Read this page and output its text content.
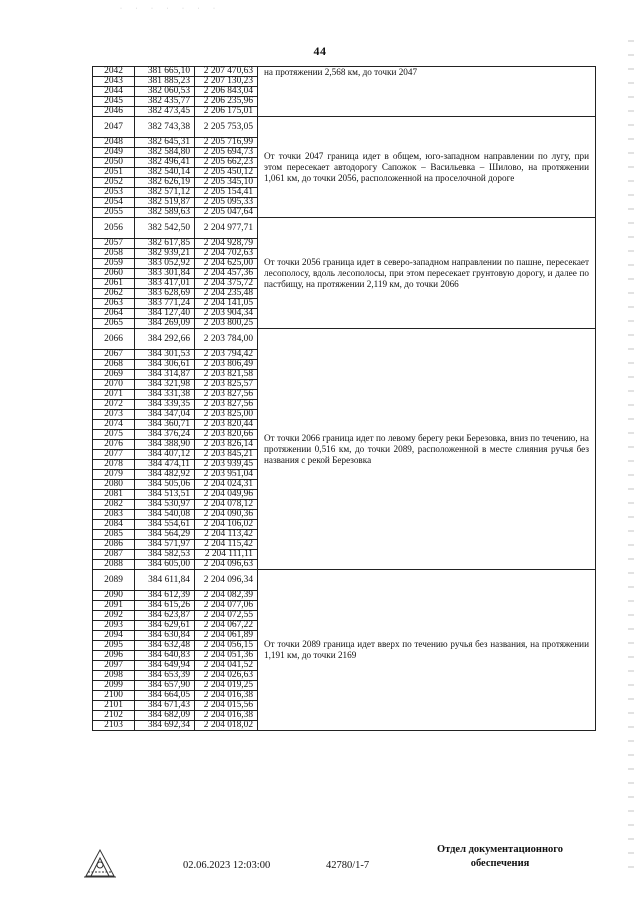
· · · · · · ·
44
2042	381 665,10	2 207 470,63	на протяжении 2,568 км, до точки 2047
2043	381 885,23	2 207 130,23	
2044	382 060,53	2 206 843,04	
2045	382 435,77	2 206 235,96	
2046	382 473,45	2 206 175,01	
2047	382 743,38	2 205 753,05	От точки 2047 граница идет в общем, юго-западном направлении по лугу, при этом пересекает автодорогу Сапожок – Васильевка – Шилово, на протяжении 1,061 км, до точки 2056, расположенной на проселочной дороге
2048	382 645,31	2 205 716,99	
2049	382 584,80	2 205 694,73	
2050	382 496,41	2 205 662,23	
2051	382 540,14	2 205 450,12	
2052	382 626,19	2 205 345,10	
2053	382 571,12	2 205 154,41	
2054	382 519,87	2 205 095,33	
2055	382 589,63	2 205 047,64	
2056	382 542,50	2 204 977,71	От точки 2056 граница идет в северо-западном направлении по пашне, пересекает лесополосу, вдоль лесополосы, при этом пересекает грунтовую дорогу, и далее по пастбищу, на протяжении 2,119 км, до точки 2066
2057	382 617,85	2 204 928,79	
2058	382 939,21	2 204 702,63	
2059	383 052,92	2 204 625,00	
2060	383 301,84	2 204 457,36	
2061	383 417,01	2 204 375,72	
2062	383 628,69	2 204 235,48	
2063	383 771,24	2 204 141,05	
2064	384 127,40	2 203 904,34	
2065	384 269,09	2 203 800,25	
2066	384 292,66	2 203 784,00	От точки 2066 граница идет по левому берегу реки Березовка, вниз по течению, на протяжении 0,516 км, до точки 2089, расположенной в месте слияния ручья без названия с рекой Березовка
2067	384 301,53	2 203 794,42	
2068	384 306,61	2 203 806,49	
2069	384 314,87	2 203 821,58	
2070	384 321,98	2 203 825,57	
2071	384 331,38	2 203 827,56	
2072	384 339,35	2 203 827,56	
2073	384 347,04	2 203 825,00	
2074	384 360,71	2 203 820,44	
2075	384 376,24	2 203 820,66	
2076	384 388,90	2 203 826,14	
2077	384 407,12	2 203 845,21	
2078	384 474,11	2 203 939,45	
2079	384 482,92	2 203 951,04	
2080	384 505,06	2 204 024,31	
2081	384 513,51	2 204 049,96	
2082	384 530,97	2 204 078,12	
2083	384 540,08	2 204 090,36	
2084	384 554,61	2 204 106,02	
2085	384 564,29	2 204 113,42	
2086	384 571,97	2 204 115,42	
2087	384 582,53	2 204 111,11	
2088	384 605,00	2 204 096,63	
2089	384 611,84	2 204 096,34	От точки 2089 граница идет вверх по течению ручья без названия, на протяжении 1,191 км, до точки 2169
2090	384 612,39	2 204 082,39	
2091	384 615,26	2 204 077,06	
2092	384 623,87	2 204 072,55	
2093	384 629,61	2 204 067,22	
2094	384 630,84	2 204 061,89	
2095	384 632,48	2 204 056,15	
2096	384 640,83	2 204 051,36	
2097	384 649,94	2 204 041,52	
2098	384 653,39	2 204 026,63	
2099	384 657,90	2 204 019,25	
2100	384 664,05	2 204 016,38	
2101	384 671,43	2 204 015,56	
2102	384 682,09	2 204 016,38	
2103	384 692,34	2 204 018,02	
02.06.2023 12:03:00	42780/1-7
Отдел документационного
обеспечения
